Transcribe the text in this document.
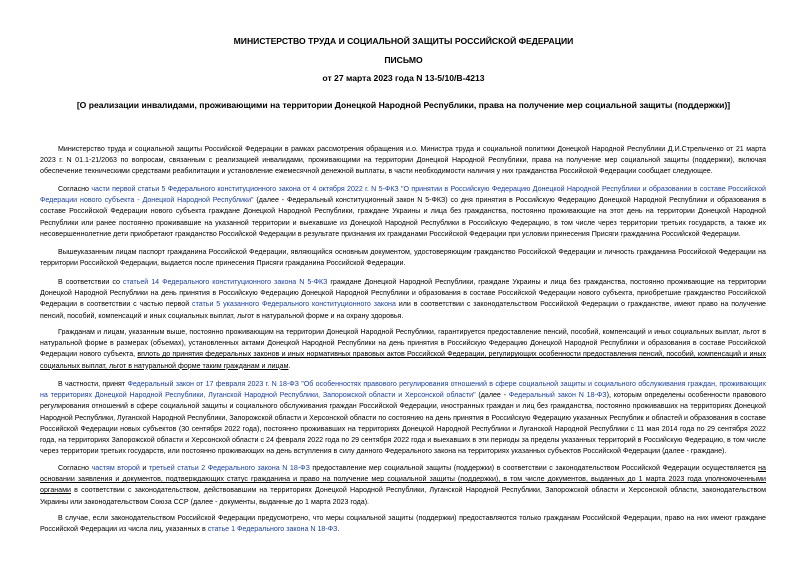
МИНИСТЕРСТВО ТРУДА И СОЦИАЛЬНОЙ ЗАЩИТЫ РОССИЙСКОЙ ФЕДЕРАЦИИ
ПИСЬМО
от 27 марта 2023 года N 13-5/10/В-4213
[О реализации инвалидами, проживающими на территории Донецкой Народной Республики, права на получение мер социальной защиты (поддержки)]

Министерство труда и социальной защиты Российской Федерации в рамках рассмотрения обращения и.о. Министра труда и социальной политики Донецкой Народной Республики Д.И.Стрельченко от 21 марта 2023 г. N 01.1-21/2063 по вопросам, связанным с реализацией инвалидами, проживающими на территории Донецкой Народной Республики, права на получение мер социальной защиты (поддержки), включая обеспечение техническими средствами реабилитации и установление ежемесячной денежной выплаты, в части необходимости наличия у них гражданства Российской Федерации сообщает следующее.

Согласно части первой статьи 5 Федерального конституционного закона от 4 октября 2022 г. N 5-ФКЗ "О принятии в Российскую Федерацию Донецкой Народной Республики и образовании в составе Российской Федерации нового субъекта - Донецкой Народной Республики" (далее - Федеральный конституционный закон N 5-ФКЗ) со дня принятия в Российскую Федерацию Донецкой Народной Республики и образования в составе Российской Федерации нового субъекта граждане Донецкой Народной Республики, граждане Украины и лица без гражданства, постоянно проживающие на этот день на территории Донецкой Народной Республики или ранее постоянно проживавшие на указанной территории и выехавшие из Донецкой Народной Республики в Российскую Федерацию, в том числе через территории третьих государств, а также их несовершеннолетние дети приобретают гражданство Российской Федерации в результате признания их гражданами Российской Федерации при условии принесения Присяги гражданина Российской Федерации.

Вышеуказанным лицам паспорт гражданина Российской Федерации, являющийся основным документом, удостоверяющим гражданство Российской Федерации и личность гражданина Российской Федерации на территории Российской Федерации, выдается после принесения Присяги гражданина Российской Федерации.

В соответствии со статьей 14 Федерального конституционного закона N 5-ФКЗ граждане Донецкой Народной Республики, граждане Украины и лица без гражданства, постоянно проживающие на территории Донецкой Народной Республики на день принятия в Российскую Федерацию Донецкой Народной Республики и образования в составе Российской Федерации нового субъекта, приобретшие гражданство Российской Федерации в соответствии с частью первой статьи 5 указанного Федерального конституционного закона или в соответствии с законодательством Российской Федерации о гражданстве, имеют право на получение пенсий, пособий, компенсаций и иных социальных выплат, льгот в натуральной форме и на охрану здоровья.

Гражданам и лицам, указанным выше, постоянно проживающим на территории Донецкой Народной Республики, гарантируется предоставление пенсий, пособий, компенсаций и иных социальных выплат, льгот в натуральной форме в размерах (объемах), установленных актами Донецкой Народной Республики на день принятия в Российскую Федерацию Донецкой Народной Республики и образования в составе Российской Федерации нового субъекта, вплоть до принятия федеральных законов и иных нормативных правовых актов Российской Федерации, регулирующих особенности предоставления пенсий, пособий, компенсаций и иных социальных выплат, льгот в натуральной форме таким гражданам и лицам.

В частности, принят Федеральный закон от 17 февраля 2023 г. N 18-ФЗ "Об особенностях правового регулирования отношений в сфере социальной защиты и социального обслуживания граждан, проживающих на территориях Донецкой Народной Республики, Луганской Народной Республики, Запорожской области и Херсонской области" (далее - Федеральный закон N 18-ФЗ), которым определены особенности правового регулирования отношений в сфере социальной защиты и социального обслуживания граждан Российской Федерации, иностранных граждан и лиц без гражданства, постоянно проживавших на территориях Донецкой Народной Республики, Луганской Народной Республики, Запорожской области и Херсонской области по состоянию на день принятия в Российскую Федерацию указанных Республик и областей и образования в составе Российской Федерации новых субъектов (30 сентября 2022 года), постоянно проживавших на территориях Донецкой Народной Республики и Луганской Народной Республики с 11 мая 2014 года по 29 сентября 2022 года, на территориях Запорожской области и Херсонской области с 24 февраля 2022 года по 29 сентября 2022 года и выехавших в эти периоды за пределы указанных территорий в Российскую Федерацию, в том числе через территории третьих государств, или постоянно проживающих на день вступления в силу данного Федерального закона на территориях указанных субъектов Российской Федерации (далее - граждане).

Согласно частям второй и третьей статьи 2 Федерального закона N 18-ФЗ предоставление мер социальной защиты (поддержки) в соответствии с законодательством Российской Федерации осуществляется на основании заявления и документов, подтверждающих статус гражданина и право на получение мер социальной защиты (поддержки), в том числе документов, выданных до 1 марта 2023 года уполномоченными органами в соответствии с законодательством, действовавшим на территориях Донецкой Народной Республики, Луганской Народной Республики, Запорожской области и Херсонской области, законодательством Украины или законодательством Союза ССР (далее - документы, выданные до 1 марта 2023 года).

В случае, если законодательством Российской Федерации предусмотрено, что меры социальной защиты (поддержки) предоставляются только гражданам Российской Федерации, право на них имеют граждане Российской Федерации из числа лиц, указанных в статье 1 Федерального закона N 18-ФЗ.
